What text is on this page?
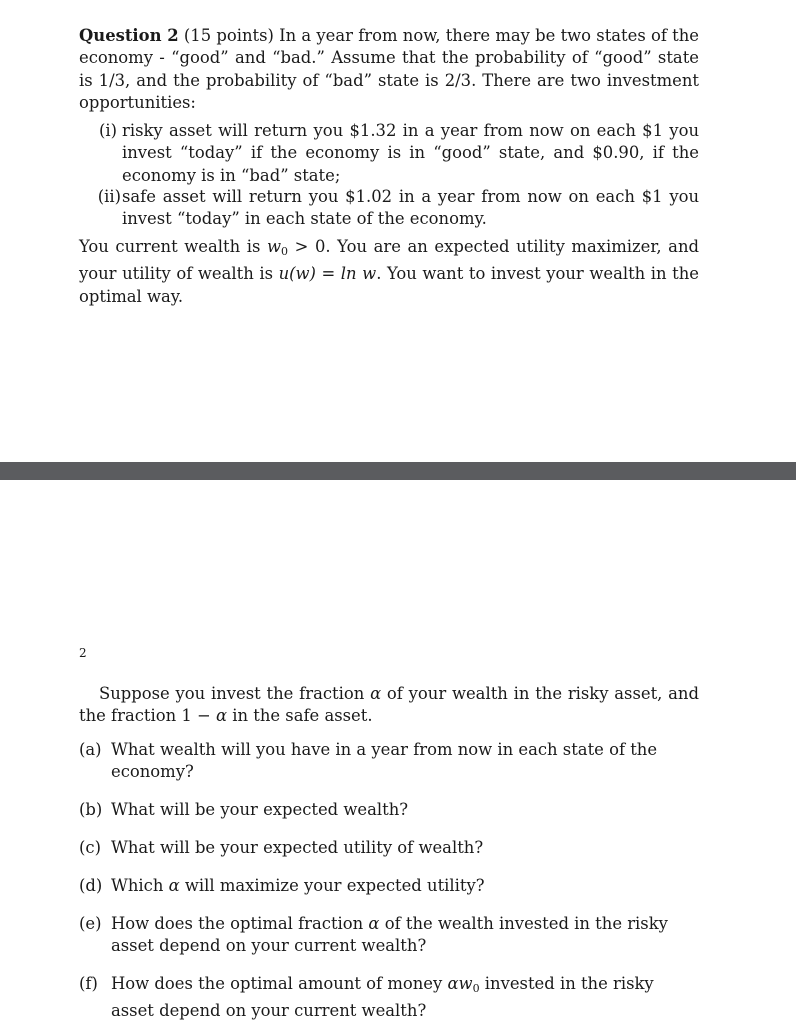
Question 2 (15 points) In a year from now, there may be two states of the economy - “good” and “bad.” Assume that the probability of “good” state is 1/3, and the probability of “bad” state is 2/3. There are two investment opportunities:
(i) risky asset will return you $1.32 in a year from now on each $1 you invest “today” if the economy is in “good” state, and $0.90, if the economy is in “bad” state;
(ii) safe asset will return you $1.02 in a year from now on each $1 you invest “today” in each state of the economy.
You current wealth is $w_0 > 0$. You are an expected utility maximizer, and your utility of wealth is u(w) = ln w. You want to invest your wealth in the optimal way.
2
Suppose you invest the fraction α of your wealth in the risky asset, and the fraction 1 − α in the safe asset.
(a) What wealth will you have in a year from now in each state of the economy?
(b) What will be your expected wealth?
(c) What will be your expected utility of wealth?
(d) Which α will maximize your expected utility?
(e) How does the optimal fraction α of the wealth invested in the risky asset depend on your current wealth?
(f) How does the optimal amount of money $\alpha w_0$ invested in the risky asset depend on your current wealth?
